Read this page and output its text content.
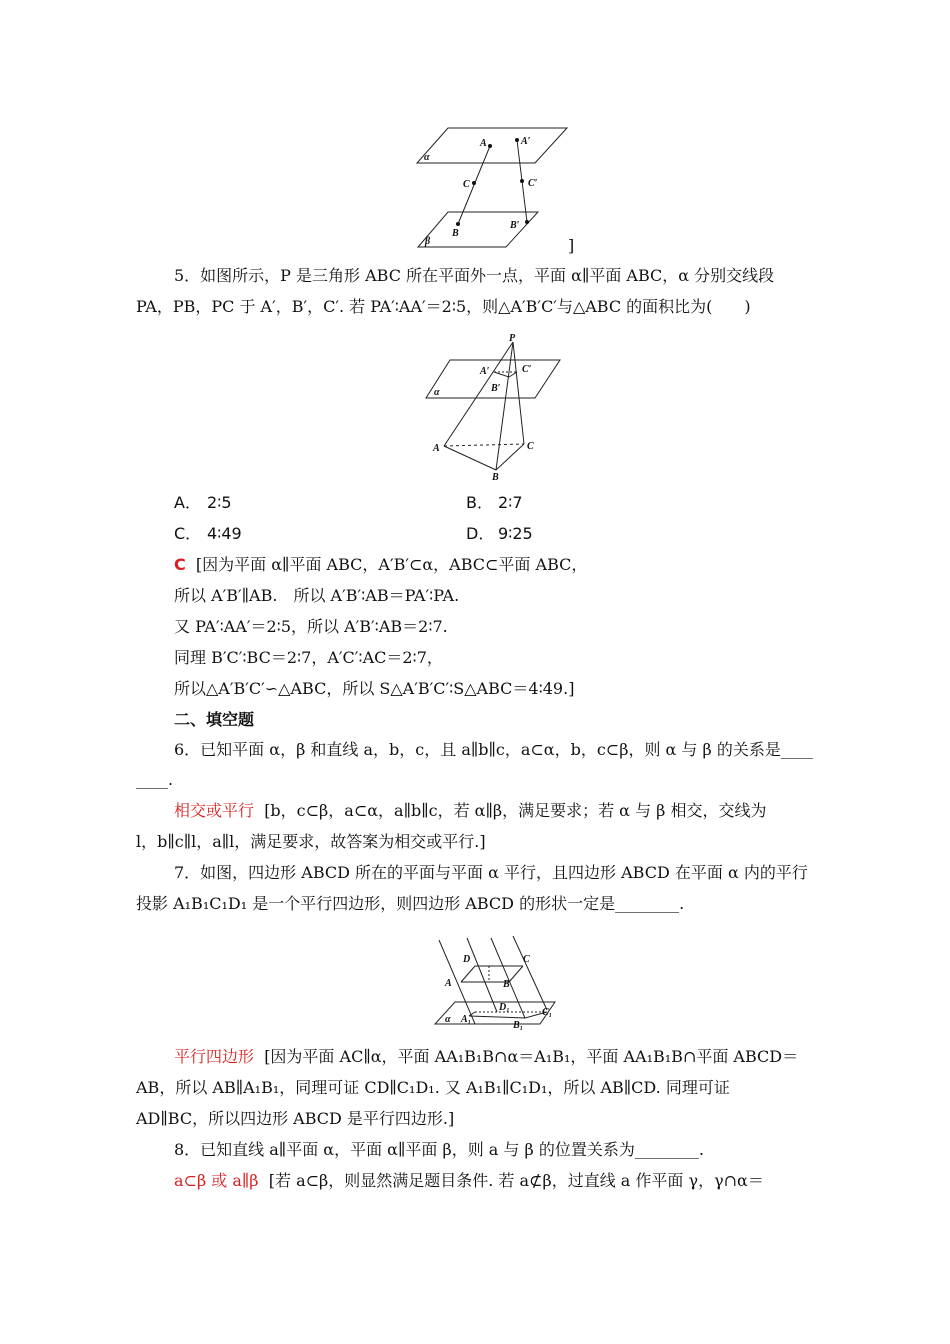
A	A′
α
C	C′
B
B′
β	]
5．如图所示，P 是三角形 ABC 所在平面外一点，平面 α∥平面 ABC，α 分别交线段
PA，PB，PC 于 A′，B′，C′. 若 PA′∶AA′＝2∶5，则△A′B′C′与△ABC 的面积比为(　　)
P
A′	C′
B′
α
A	C
B
A． 2∶5	B． 2∶7
C． 4∶49	D． 9∶25
C [因为平面 α∥平面 ABC，A′B′⊂α，ABC⊂平面 ABC，
所以 A′B′∥AB.　所以 A′B′∶AB＝PA′∶PA.
又 PA′∶AA′＝2∶5，所以 A′B′∶AB＝2∶7.
同理 B′C′∶BC＝2∶7，A′C′∶AC＝2∶7，
所以△A′B′C′∽△ABC，所以 S△A′B′C′∶S△ABC＝4∶49.]
二、填空题
6．已知平面 α，β 和直线 a，b，c，且 a∥b∥c，a⊂α，b，c⊂β，则 α 与 β 的关系是____
____.
相交或平行 [b，c⊂β，a⊂α，a∥b∥c，若 α∥β，满足要求；若 α 与 β 相交，交线为
l，b∥c∥l，a∥l，满足要求，故答案为相交或平行.]
7．如图，四边形 ABCD 所在的平面与平面 α 平行，且四边形 ABCD 在平面 α 内的平行
投影 A₁B₁C₁D₁ 是一个平行四边形，则四边形 ABCD 的形状一定是________.
D	C
A	B
D₁	C₁
α A₁
B₁
平行四边形 [因为平面 AC∥α，平面 AA₁B₁B∩α＝A₁B₁，平面 AA₁B₁B∩平面 ABCD＝
AB，所以 AB∥A₁B₁，同理可证 CD∥C₁D₁. 又 A₁B₁∥C₁D₁，所以 AB∥CD. 同理可证
AD∥BC，所以四边形 ABCD 是平行四边形.]
8．已知直线 a∥平面 α，平面 α∥平面 β，则 a 与 β 的位置关系为________.
a⊂β 或 a∥β [若 a⊂β，则显然满足题目条件. 若 a⊄β，过直线 a 作平面 γ，γ∩α＝
